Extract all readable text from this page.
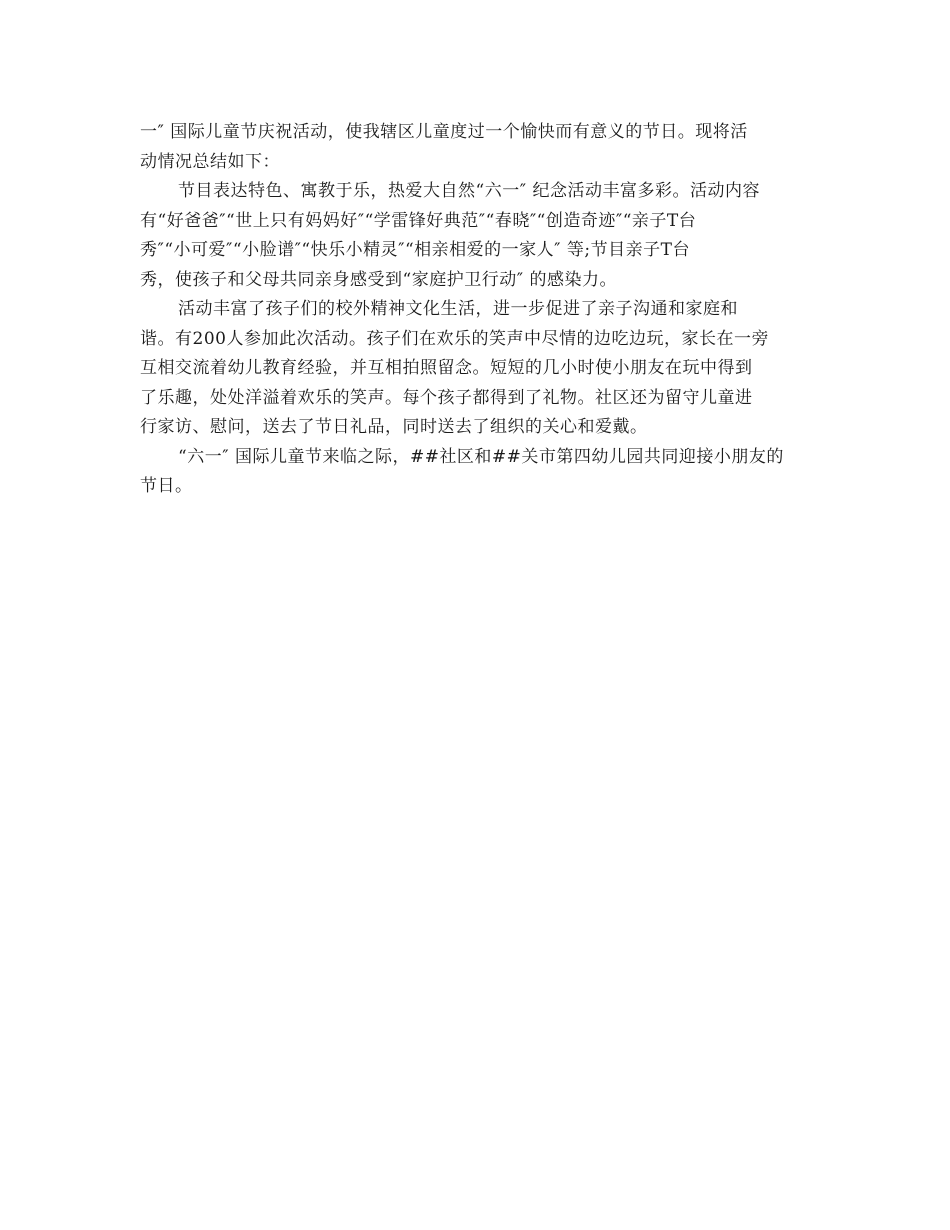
一″ 国际儿童节庆祝活动，使我辖区儿童度过一个愉快而有意义的节日。现将活
动情况总结如下：
节目表达特色、寓教于乐，热爱大自然“六一″ 纪念活动丰富多彩。活动内容
有“好爸爸″“世上只有妈妈好″“学雷锋好典范″“春晓″“创造奇迹″“亲子T台
秀″“小可爱″“小脸谱″“快乐小精灵″“相亲相爱的一家人″ 等;节目亲子T台
秀，使孩子和父母共同亲身感受到“家庭护卫行动″ 的感染力。
活动丰富了孩子们的校外精神文化生活，进一步促进了亲子沟通和家庭和
谐。有200人参加此次活动。孩子们在欢乐的笑声中尽情的边吃边玩，家长在一旁
互相交流着幼儿教育经验，并互相拍照留念。短短的几小时使小朋友在玩中得到
了乐趣，处处洋溢着欢乐的笑声。每个孩子都得到了礼物。社区还为留守儿童进
行家访、慰问，送去了节日礼品，同时送去了组织的关心和爱戴。
“六一″ 国际儿童节来临之际，##社区和##关市第四幼儿园共同迎接小朋友的
节日。
